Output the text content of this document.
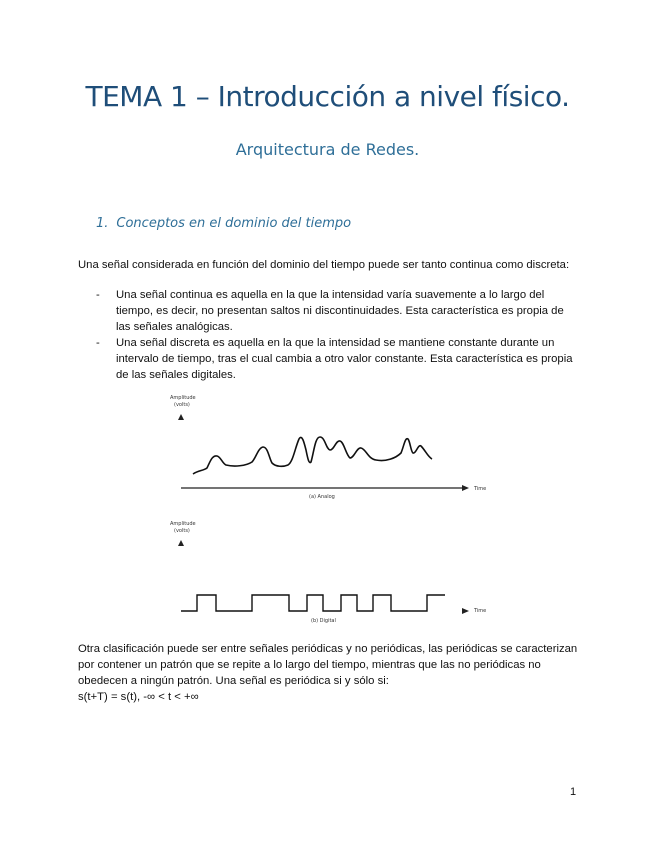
TEMA 1 – Introducción a nivel físico.
Arquitectura de Redes.
1. Conceptos en el dominio del tiempo
Una señal considerada en función del dominio del tiempo puede ser tanto continua como discreta:
- Una señal continua es aquella en la que la intensidad varía suavemente a lo largo del tiempo, es decir, no presentan saltos ni discontinuidades. Esta característica es propia de las señales analógicas.
- Una señal discreta es aquella en la que la intensidad se mantiene constante durante un intervalo de tiempo, tras el cual cambia a otro valor constante. Esta característica es propia de las señales digitales.
Amplitude
(volts)
Time
(a) Analog
Amplitude
(volts)
Time
(b) Digital
Otra clasificación puede ser entre señales periódicas y no periódicas, las periódicas se caracterizan por contener un patrón que se repite a lo largo del tiempo, mientras que las no periódicas no obedecen a ningún patrón. Una señal es periódica si y sólo si:
s(t+T) = s(t), -∞ < t < +∞
1
